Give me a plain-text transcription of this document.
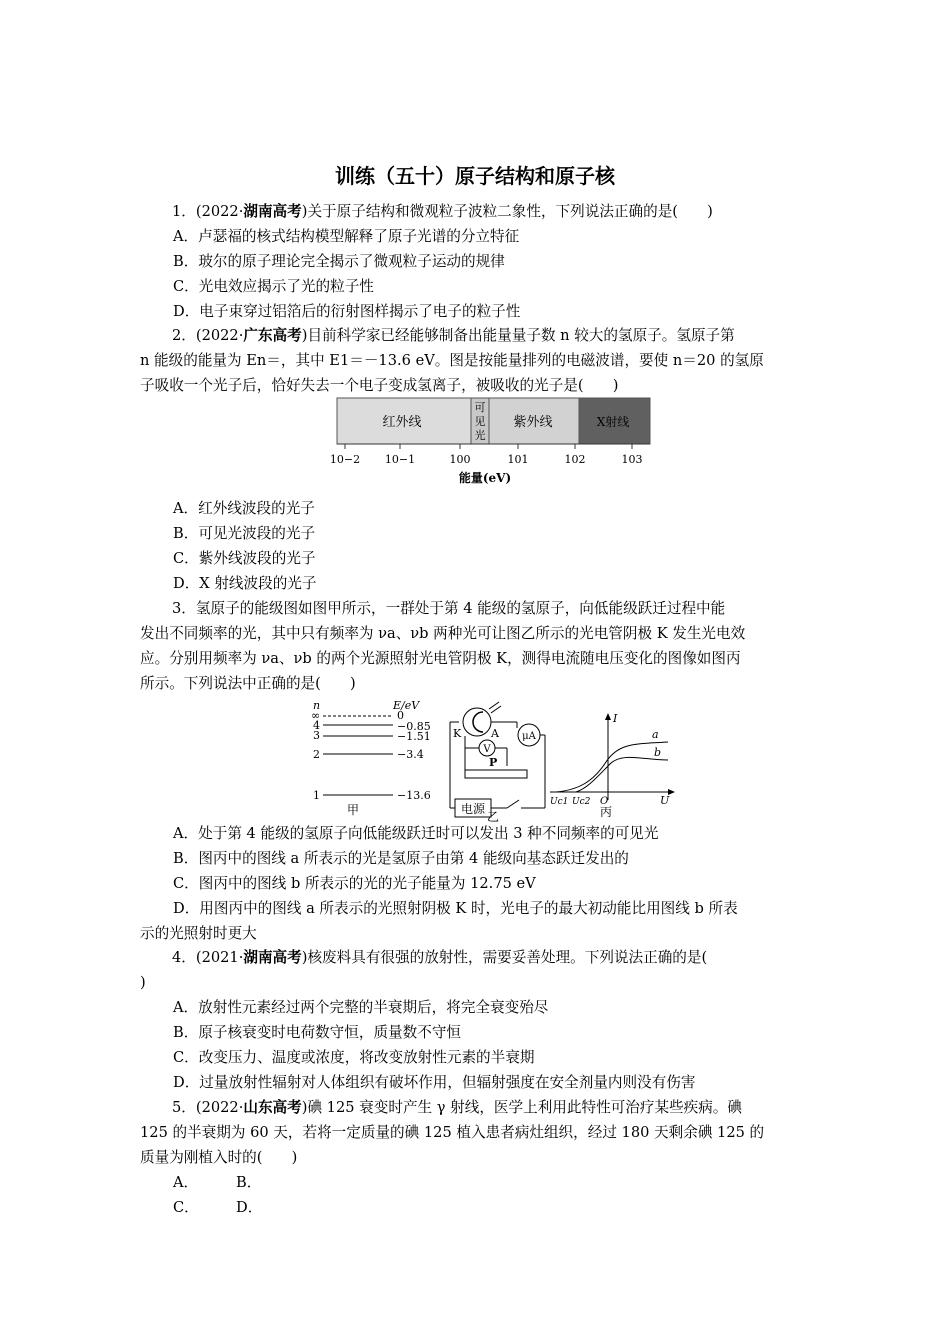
训练（五十）原子结构和原子核
1．(2022·湖南高考)关于原子结构和微观粒子波粒二象性，下列说法正确的是(　　)
A．卢瑟福的核式结构模型解释了原子光谱的分立特征
B．玻尔的原子理论完全揭示了微观粒子运动的规律
C．光电效应揭示了光的粒子性
D．电子束穿过铝箔后的衍射图样揭示了电子的粒子性
2．(2022·广东高考)目前科学家已经能够制备出能量量子数 n 较大的氢原子。氢原子第
n 能级的能量为 En＝，其中 E1＝－13.6 eV。图是按能量排列的电磁波谱，要使 n＝20 的氢原
子吸收一个光子后，恰好失去一个电子变成氢离子，被吸收的光子是(　　)
红外线
可
见
光
紫外线	X射线
10−2 10−1	100	101	102	103
能量(eV)
A．红外线波段的光子
B．可见光波段的光子
C．紫外线波段的光子
D．X 射线波段的光子
3．氢原子的能级图如图甲所示，一群处于第 4 能级的氢原子，向低能级跃迁过程中能
发出不同频率的光，其中只有频率为 νa、νb 两种光可让图乙所示的光电管阴极 K 发生光电效
应。分别用频率为 νa、νb 的两个光源照射光电管阴极 K，测得电流随电压变化的图像如图丙
所示。下列说法中正确的是(　　)
n	E/eV
∞	0
4	−0.85
3	−1.51
2	−3.4
1	−13.6
甲
K	A μA
V
P
电源
乙
I
U
O
Uc1 Uc2
a
b
丙
A．处于第 4 能级的氢原子向低能级跃迁时可以发出 3 种不同频率的可见光
B．图丙中的图线 a 所表示的光是氢原子由第 4 能级向基态跃迁发出的
C．图丙中的图线 b 所表示的光的光子能量为 12.75 eV
D．用图丙中的图线 a 所表示的光照射阴极 K 时，光电子的最大初动能比用图线 b 所表
示的光照射时更大
4．(2021·湖南高考)核废料具有很强的放射性，需要妥善处理。下列说法正确的是(
)
A．放射性元素经过两个完整的半衰期后，将完全衰变殆尽
B．原子核衰变时电荷数守恒，质量数不守恒
C．改变压力、温度或浓度，将改变放射性元素的半衰期
D．过量放射性辐射对人体组织有破坏作用，但辐射强度在安全剂量内则没有伤害
5．(2022·山东高考)碘 125 衰变时产生 γ 射线，医学上利用此特性可治疗某些疾病。碘
125 的半衰期为 60 天，若将一定质量的碘 125 植入患者病灶组织，经过 180 天剩余碘 125 的
质量为刚植入时的(　　)
A．	B．
C．	D．
